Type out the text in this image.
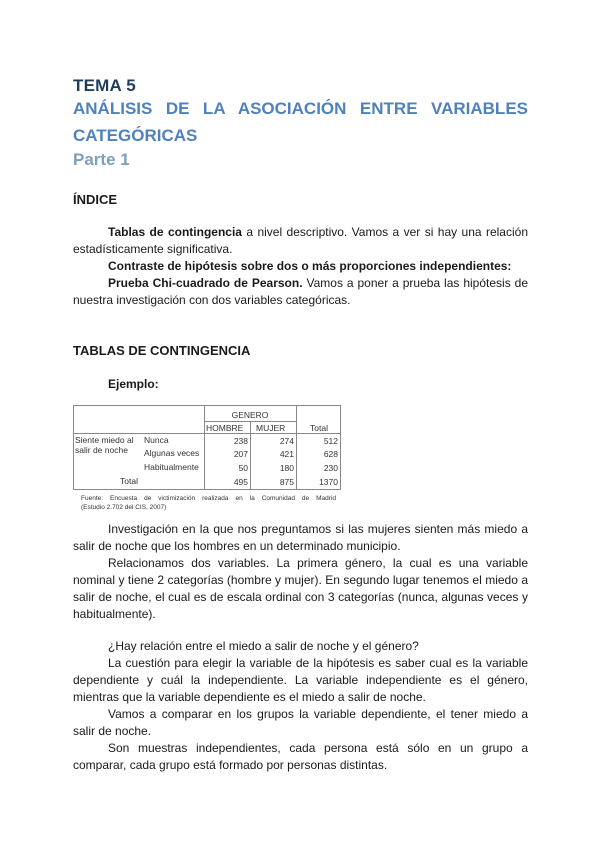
TEMA 5
ANÁLISIS DE LA ASOCIACIÓN ENTRE VARIABLES
CATEGÓRICAS
Parte 1
ÍNDICE
Tablas de contingencia a nivel descriptivo. Vamos a ver si hay una relación estadísticamente significativa.
Contraste de hipótesis sobre dos o más proporciones independientes:
Prueba Chi-cuadrado de Pearson. Vamos a poner a prueba las hipótesis de nuestra investigación con dos variables categóricas.
TABLAS DE CONTINGENCIA
Ejemplo:
GENERO
HOMBRE MUJER	Total
Siente miedo al
salir de noche
Nunca	238	274	512
Algunas veces	207	421	628
Habitualmente	50	180	230
Total	495	875	1370
Fuente: Encuesta de victimización realizada en la Comunidad de Madrid
(Estudio 2.702 del CIS, 2007)
Investigación en la que nos preguntamos si las mujeres sienten más miedo a salir de noche que los hombres en un determinado municipio.
Relacionamos dos variables. La primera género, la cual es una variable nominal y tiene 2 categorías (hombre y mujer). En segundo lugar tenemos el miedo a salir de noche, el cual es de escala ordinal con 3 categorías (nunca, algunas veces y habitualmente).
¿Hay relación entre el miedo a salir de noche y el género?
La cuestión para elegir la variable de la hipótesis es saber cual es la variable dependiente y cuál la independiente. La variable independiente es el género, mientras que la variable dependiente es el miedo a salir de noche.
Vamos a comparar en los grupos la variable dependiente, el tener miedo a salir de noche.
Son muestras independientes, cada persona está sólo en un grupo a comparar, cada grupo está formado por personas distintas.
